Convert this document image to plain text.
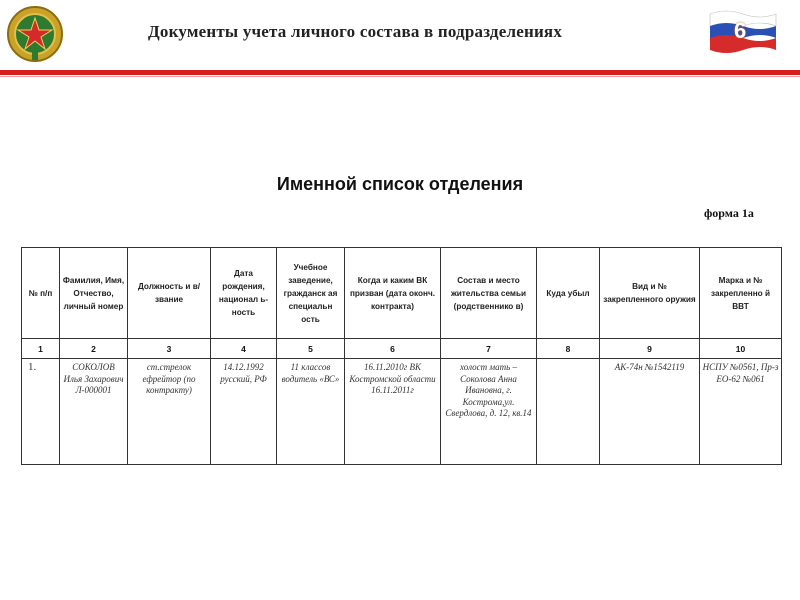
Документы учета личного состава в подразделениях	6
Именной список отделения
форма 1а
№ п/п	Фамилия, Имя, Отчество, личный номер	Должность и в/звание	Дата рождения, национал ь-ность	Учебное заведение, гражданск ая специальн ость	Когда и каким ВК призван (дата оконч. контракта)	Состав и место жительства семьи (родственнико в)	Куда убыл	Вид и № закрепленного оружия	Марка и № закрепленно й ВВТ
1	2	3	4	5	6	7	8	9	10
1.	СОКОЛОВ Илья Захарович Л-000001	ст.стрелок ефрейтор (по контракту)	14.12.1992 русский, РФ	11 классов водитель «ВС»	16.11.2010г ВК Костромской области 16.11.2011г	холост мать – Соколова Анна Ивановна, г. Кострома,ул. Свердлова, д. 12, кв.14		АК-74н №1542119	НСПУ №0561, Пр-з ЕО-62 №061
